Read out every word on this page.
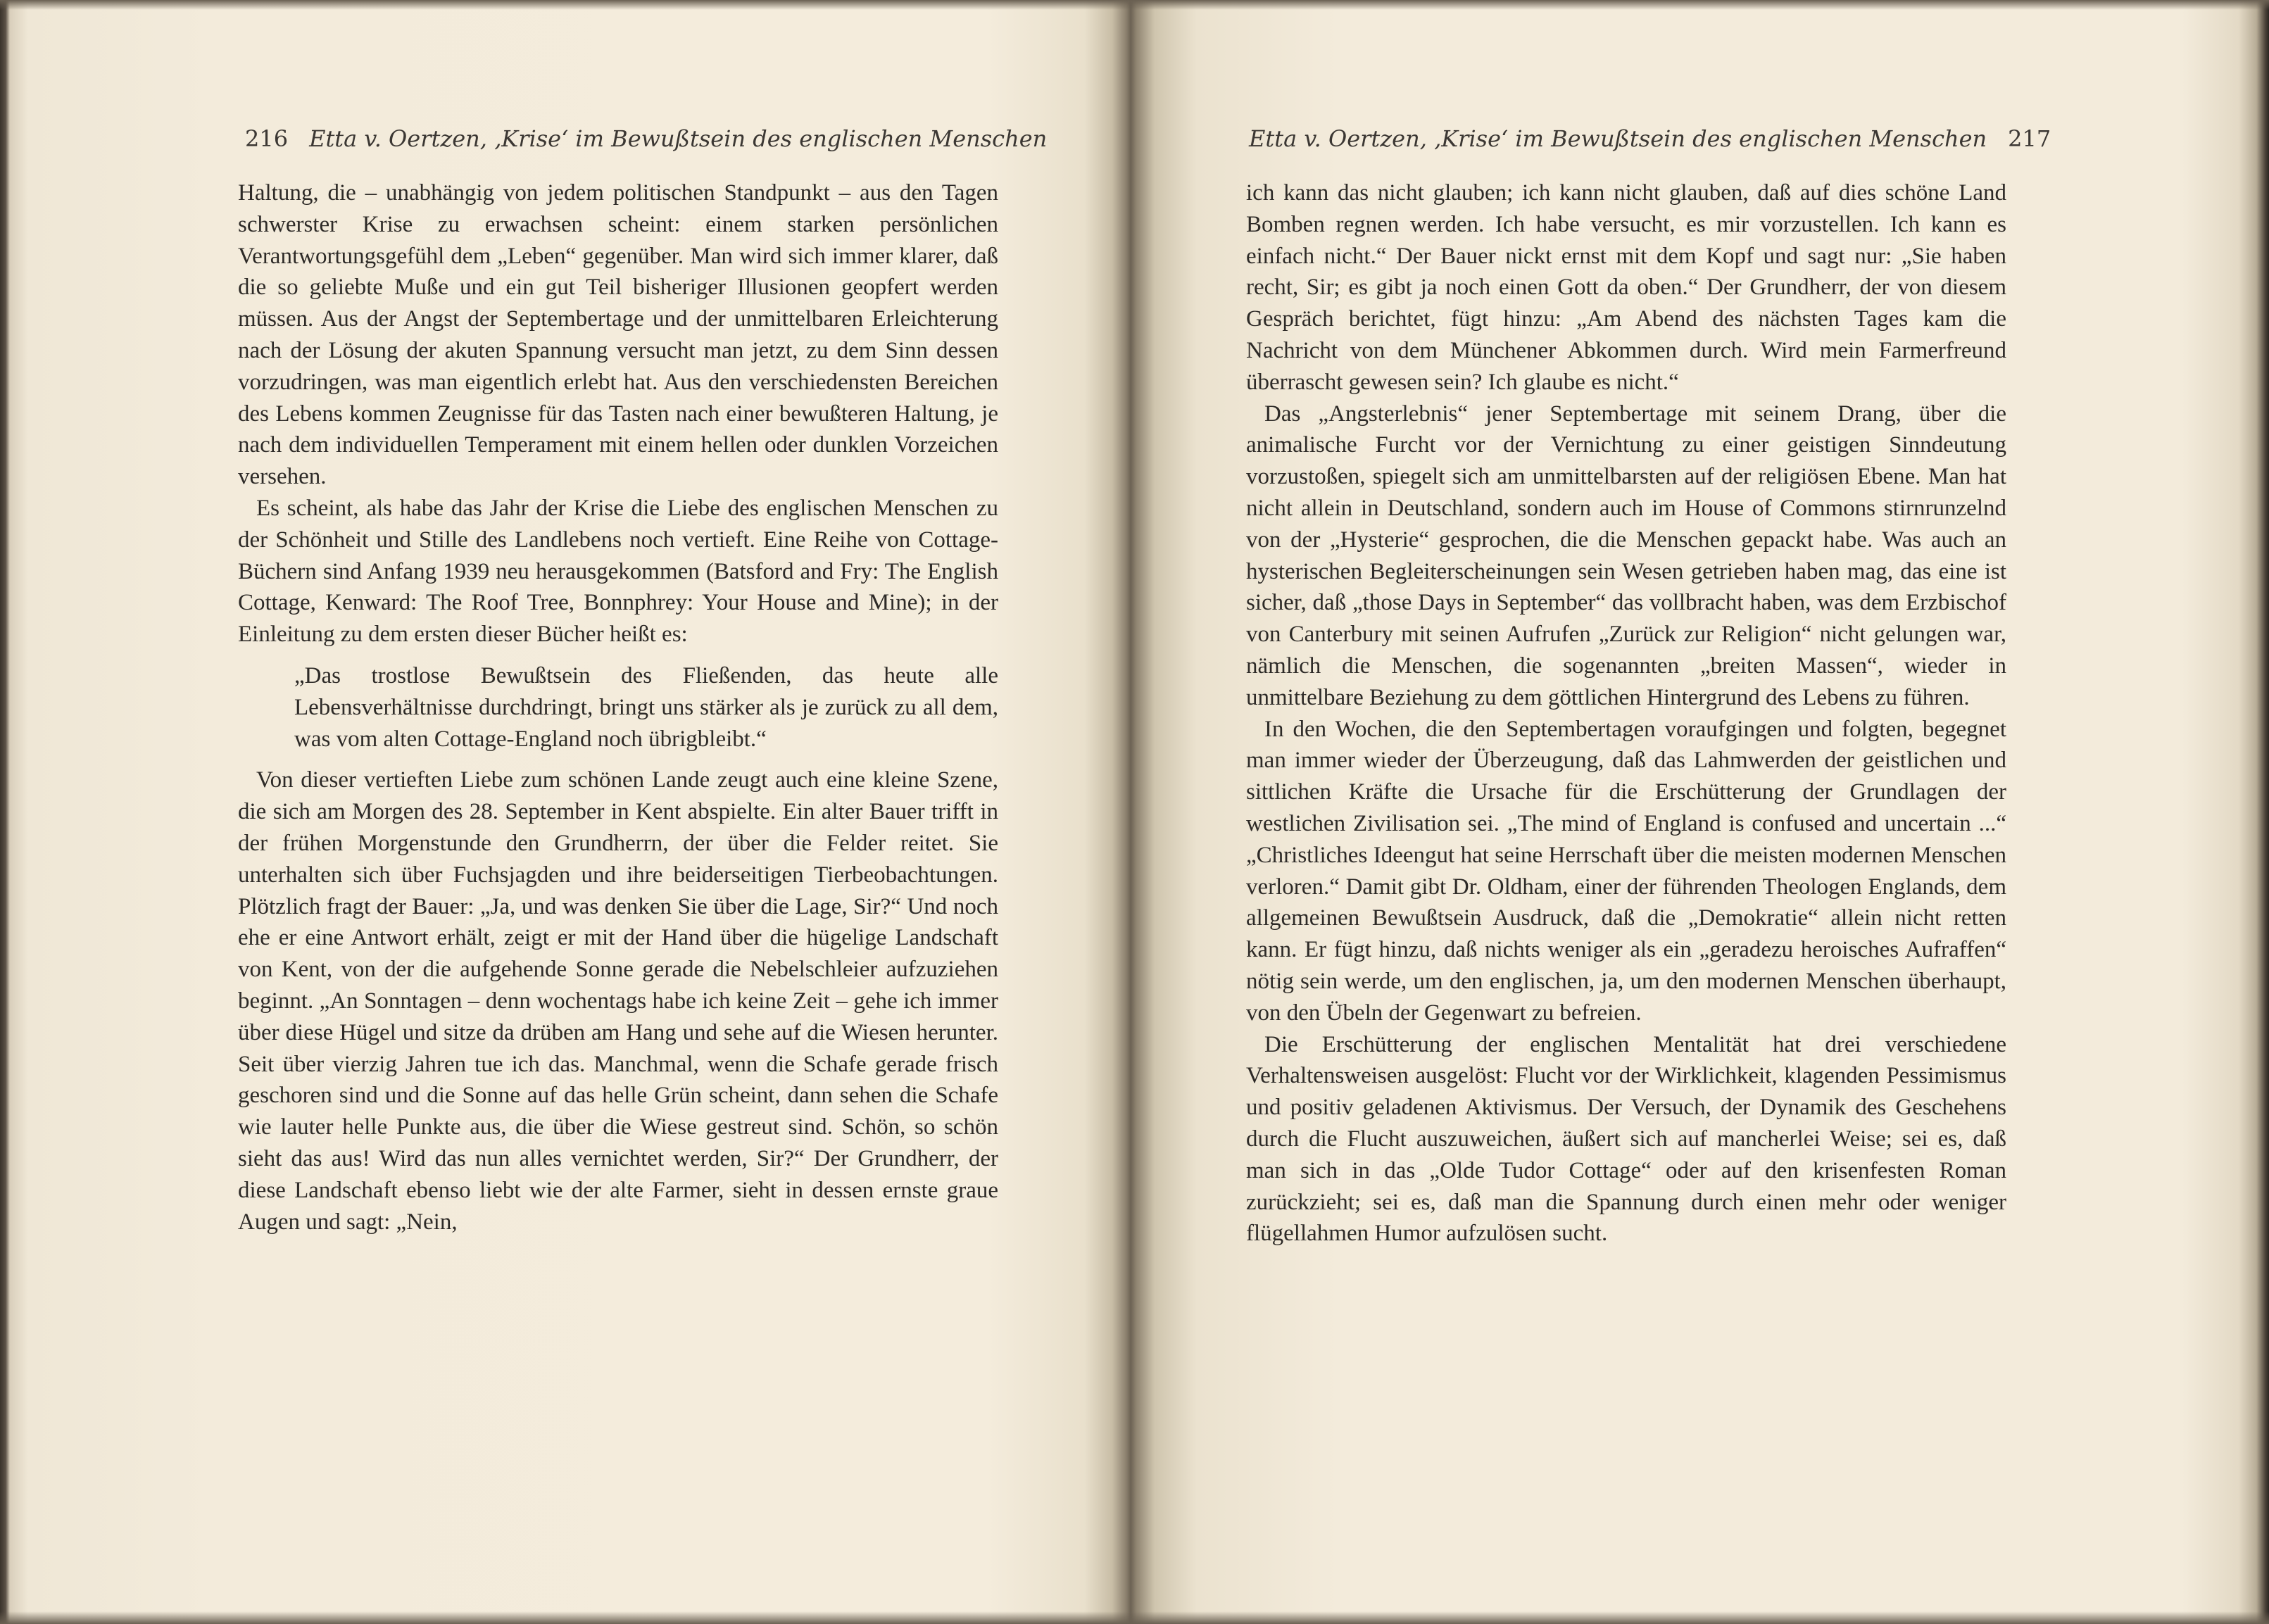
216 Etta v. Oertzen, ‚Krise‘ im Bewußtsein des englischen Menschen

Haltung, die – unabhängig von jedem politischen Standpunkt – aus den Tagen schwerster Krise zu erwachsen scheint: einem starken persönlichen Verantwortungsgefühl dem „Leben“ gegenüber. Man wird sich immer klarer, daß die so geliebte Muße und ein gut Teil bisheriger Illusionen geopfert werden müssen. Aus der Angst der Septembertage und der unmittelbaren Erleichterung nach der Lösung der akuten Spannung versucht man jetzt, zu dem Sinn dessen vorzudringen, was man eigentlich erlebt hat. Aus den verschiedensten Bereichen des Lebens kommen Zeugnisse für das Tasten nach einer bewußteren Haltung, je nach dem individuellen Temperament mit einem hellen oder dunklen Vorzeichen versehen.

Es scheint, als habe das Jahr der Krise die Liebe des englischen Menschen zu der Schönheit und Stille des Landlebens noch vertieft. Eine Reihe von Cottage-Büchern sind Anfang 1939 neu herausgekommen (Batsford and Fry: The English Cottage, Kenward: The Roof Tree, Bonnphrey: Your House and Mine); in der Einleitung zu dem ersten dieser Bücher heißt es:

„Das trostlose Bewußtsein des Fließenden, das heute alle Lebensverhältnisse durchdringt, bringt uns stärker als je zurück zu all dem, was vom alten Cottage-England noch übrigbleibt.“

Von dieser vertieften Liebe zum schönen Lande zeugt auch eine kleine Szene, die sich am Morgen des 28. September in Kent abspielte. Ein alter Bauer trifft in der frühen Morgenstunde den Grundherrn, der über die Felder reitet. Sie unterhalten sich über Fuchsjagden und ihre beiderseitigen Tierbeobachtungen. Plötzlich fragt der Bauer: „Ja, und was denken Sie über die Lage, Sir?“ Und noch ehe er eine Antwort erhält, zeigt er mit der Hand über die hügelige Landschaft von Kent, von der die aufgehende Sonne gerade die Nebelschleier aufzuziehen beginnt. „An Sonntagen – denn wochentags habe ich keine Zeit – gehe ich immer über diese Hügel und sitze da drüben am Hang und sehe auf die Wiesen herunter. Seit über vierzig Jahren tue ich das. Manchmal, wenn die Schafe gerade frisch geschoren sind und die Sonne auf das helle Grün scheint, dann sehen die Schafe wie lauter helle Punkte aus, die über die Wiese gestreut sind. Schön, so schön sieht das aus! Wird das nun alles vernichtet werden, Sir?“ Der Grundherr, der diese Landschaft ebenso liebt wie der alte Farmer, sieht in dessen ernste graue Augen und sagt: „Nein,

Etta v. Oertzen, ‚Krise‘ im Bewußtsein des englischen Menschen 217

ich kann das nicht glauben; ich kann nicht glauben, daß auf dies schöne Land Bomben regnen werden. Ich habe versucht, es mir vorzustellen. Ich kann es einfach nicht.“ Der Bauer nickt ernst mit dem Kopf und sagt nur: „Sie haben recht, Sir; es gibt ja noch einen Gott da oben.“ Der Grundherr, der von diesem Gespräch berichtet, fügt hinzu: „Am Abend des nächsten Tages kam die Nachricht von dem Münchener Abkommen durch. Wird mein Farmerfreund überrascht gewesen sein? Ich glaube es nicht.“

Das „Angsterlebnis“ jener Septembertage mit seinem Drang, über die animalische Furcht vor der Vernichtung zu einer geistigen Sinndeutung vorzustoßen, spiegelt sich am unmittelbarsten auf der religiösen Ebene. Man hat nicht allein in Deutschland, sondern auch im House of Commons stirnrunzelnd von der „Hysterie“ gesprochen, die die Menschen gepackt habe. Was auch an hysterischen Begleiterscheinungen sein Wesen getrieben haben mag, das eine ist sicher, daß „those Days in September“ das vollbracht haben, was dem Erzbischof von Canterbury mit seinen Aufrufen „Zurück zur Religion“ nicht gelungen war, nämlich die Menschen, die sogenannten „breiten Massen“, wieder in unmittelbare Beziehung zu dem göttlichen Hintergrund des Lebens zu führen.

In den Wochen, die den Septembertagen voraufgingen und folgten, begegnet man immer wieder der Überzeugung, daß das Lahmwerden der geistlichen und sittlichen Kräfte die Ursache für die Erschütterung der Grundlagen der westlichen Zivilisation sei. „The mind of England is confused and uncertain ...“ „Christliches Ideengut hat seine Herrschaft über die meisten modernen Menschen verloren.“ Damit gibt Dr. Oldham, einer der führenden Theologen Englands, dem allgemeinen Bewußtsein Ausdruck, daß die „Demokratie“ allein nicht retten kann. Er fügt hinzu, daß nichts weniger als ein „geradezu heroisches Aufraffen“ nötig sein werde, um den englischen, ja, um den modernen Menschen überhaupt, von den Übeln der Gegenwart zu befreien.

Die Erschütterung der englischen Mentalität hat drei verschiedene Verhaltensweisen ausgelöst: Flucht vor der Wirklichkeit, klagenden Pessimismus und positiv geladenen Aktivismus. Der Versuch, der Dynamik des Geschehens durch die Flucht auszuweichen, äußert sich auf mancherlei Weise; sei es, daß man sich in das „Olde Tudor Cottage“ oder auf den krisenfesten Roman zurückzieht; sei es, daß man die Spannung durch einen mehr oder weniger flügellahmen Humor aufzulösen sucht.
